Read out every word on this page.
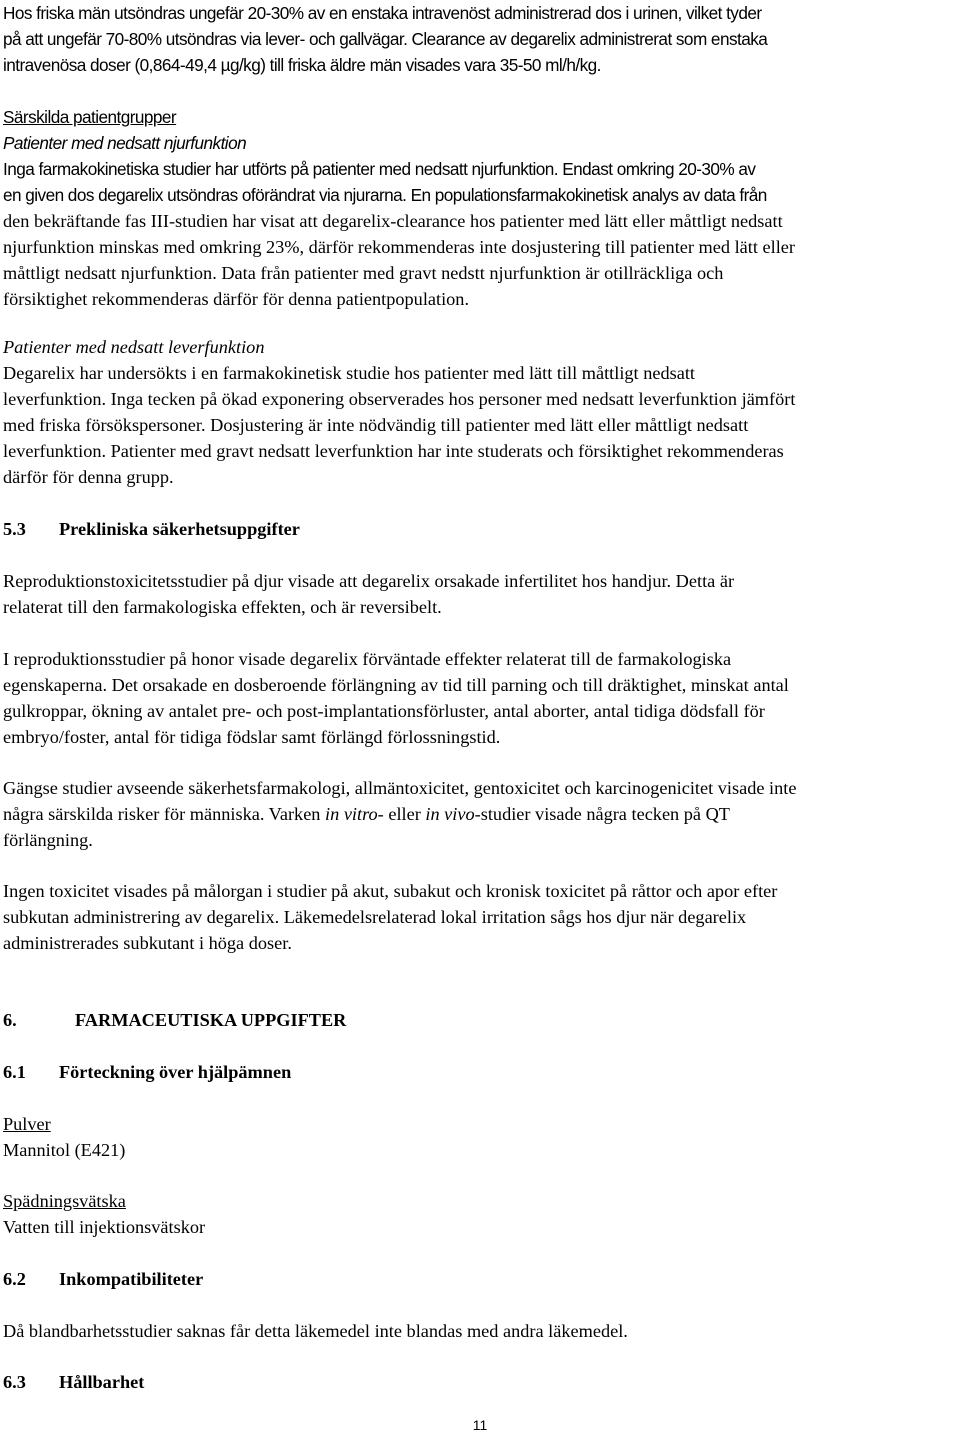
Hos friska män utsöndras ungefär 20-30% av en enstaka intravenöst administrerad dos i urinen, vilket tyder
på att ungefär 70-80% utsöndras via lever- och gallvägar. Clearance av degarelix administrerat som enstaka
intravenösa doser (0,864-49,4 µg/kg) till friska äldre män visades vara 35-50 ml/h/kg.
Särskilda patientgrupper
Patienter med nedsatt njurfunktion
Inga farmakokinetiska studier har utförts på patienter med nedsatt njurfunktion. Endast omkring 20-30% av
en given dos degarelix utsöndras oförändrat via njurarna. En populationsfarmakokinetisk analys av data från
den bekräftande fas III-studien har visat att degarelix-clearance hos patienter med lätt eller måttligt nedsatt
njurfunktion minskas med omkring 23%, därför rekommenderas inte dosjustering till patienter med lätt eller
måttligt nedsatt njurfunktion. Data från patienter med gravt nedstt njurfunktion är otillräckliga och
försiktighet rekommenderas därför för denna patientpopulation.
Patienter med nedsatt leverfunktion
Degarelix har undersökts i en farmakokinetisk studie hos patienter med lätt till måttligt nedsatt
leverfunktion. Inga tecken på ökad exponering observerades hos personer med nedsatt leverfunktion jämfört
med friska försökspersoner. Dosjustering är inte nödvändig till patienter med lätt eller måttligt nedsatt
leverfunktion. Patienter med gravt nedsatt leverfunktion har inte studerats och försiktighet rekommenderas
därför för denna grupp.
5.3 Prekliniska säkerhetsuppgifter
Reproduktionstoxicitetsstudier på djur visade att degarelix orsakade infertilitet hos handjur. Detta är
relaterat till den farmakologiska effekten, och är reversibelt.
I reproduktionsstudier på honor visade degarelix förväntade effekter relaterat till de farmakologiska
egenskaperna. Det orsakade en dosberoende förlängning av tid till parning och till dräktighet, minskat antal
gulkroppar, ökning av antalet pre- och post-implantationsförluster, antal aborter, antal tidiga dödsfall för
embryo/foster, antal för tidiga födslar samt förlängd förlossningstid.
Gängse studier avseende säkerhetsfarmakologi, allmäntoxicitet, gentoxicitet och karcinogenicitet visade inte
några särskilda risker för människa. Varken in vitro- eller in vivo-studier visade några tecken på QT
förlängning.
Ingen toxicitet visades på målorgan i studier på akut, subakut och kronisk toxicitet på råttor och apor efter
subkutan administrering av degarelix. Läkemedelsrelaterad lokal irritation sågs hos djur när degarelix
administrerades subkutant i höga doser.
6.	FARMACEUTISKA UPPGIFTER
6.1 Förteckning över hjälpämnen
Pulver
Mannitol (E421)
Spädningsvätska
Vatten till injektionsvätskor
6.2 Inkompatibiliteter
Då blandbarhetsstudier saknas får detta läkemedel inte blandas med andra läkemedel.
6.3 Hållbarhet
11
